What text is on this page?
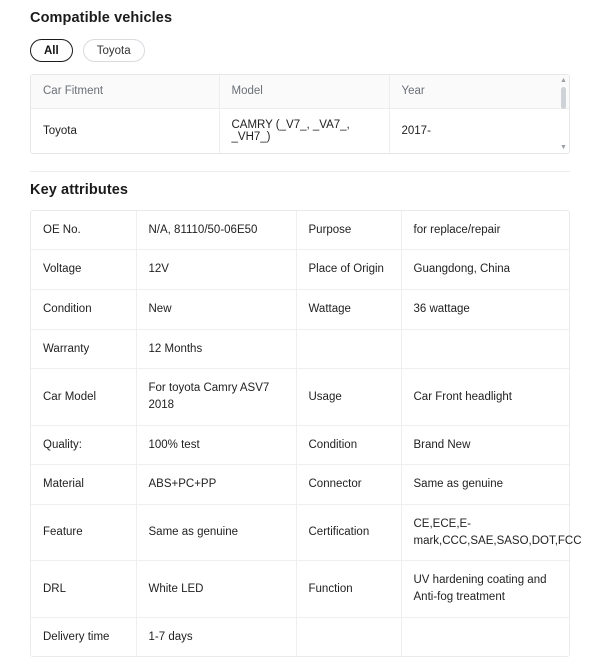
Compatible vehicles
All	Toyota
Car Fitment	Model	Year
Toyota	CAMRY (_V7_, _VA7_, _VH7_)	2017-
▲
▼
Key attributes
OE No.	N/A, 81110/50-06E50	Purpose	for replace/repair
Voltage	12V	Place of Origin	Guangdong, China
Condition	New	Wattage	36 wattage
Warranty	12 Months		
Car Model	For toyota Camry ASV7 2018	Usage	Car Front headlight
Quality:	100% test	Condition	Brand New
Material	ABS+PC+PP	Connector	Same as genuine
Feature	Same as genuine	Certification	CE,ECE,E-mark,CCC,SAE,SASO,DOT,FCC
DRL	White LED	Function	UV hardening coating and Anti-fog treatment
Delivery time	1-7 days		
